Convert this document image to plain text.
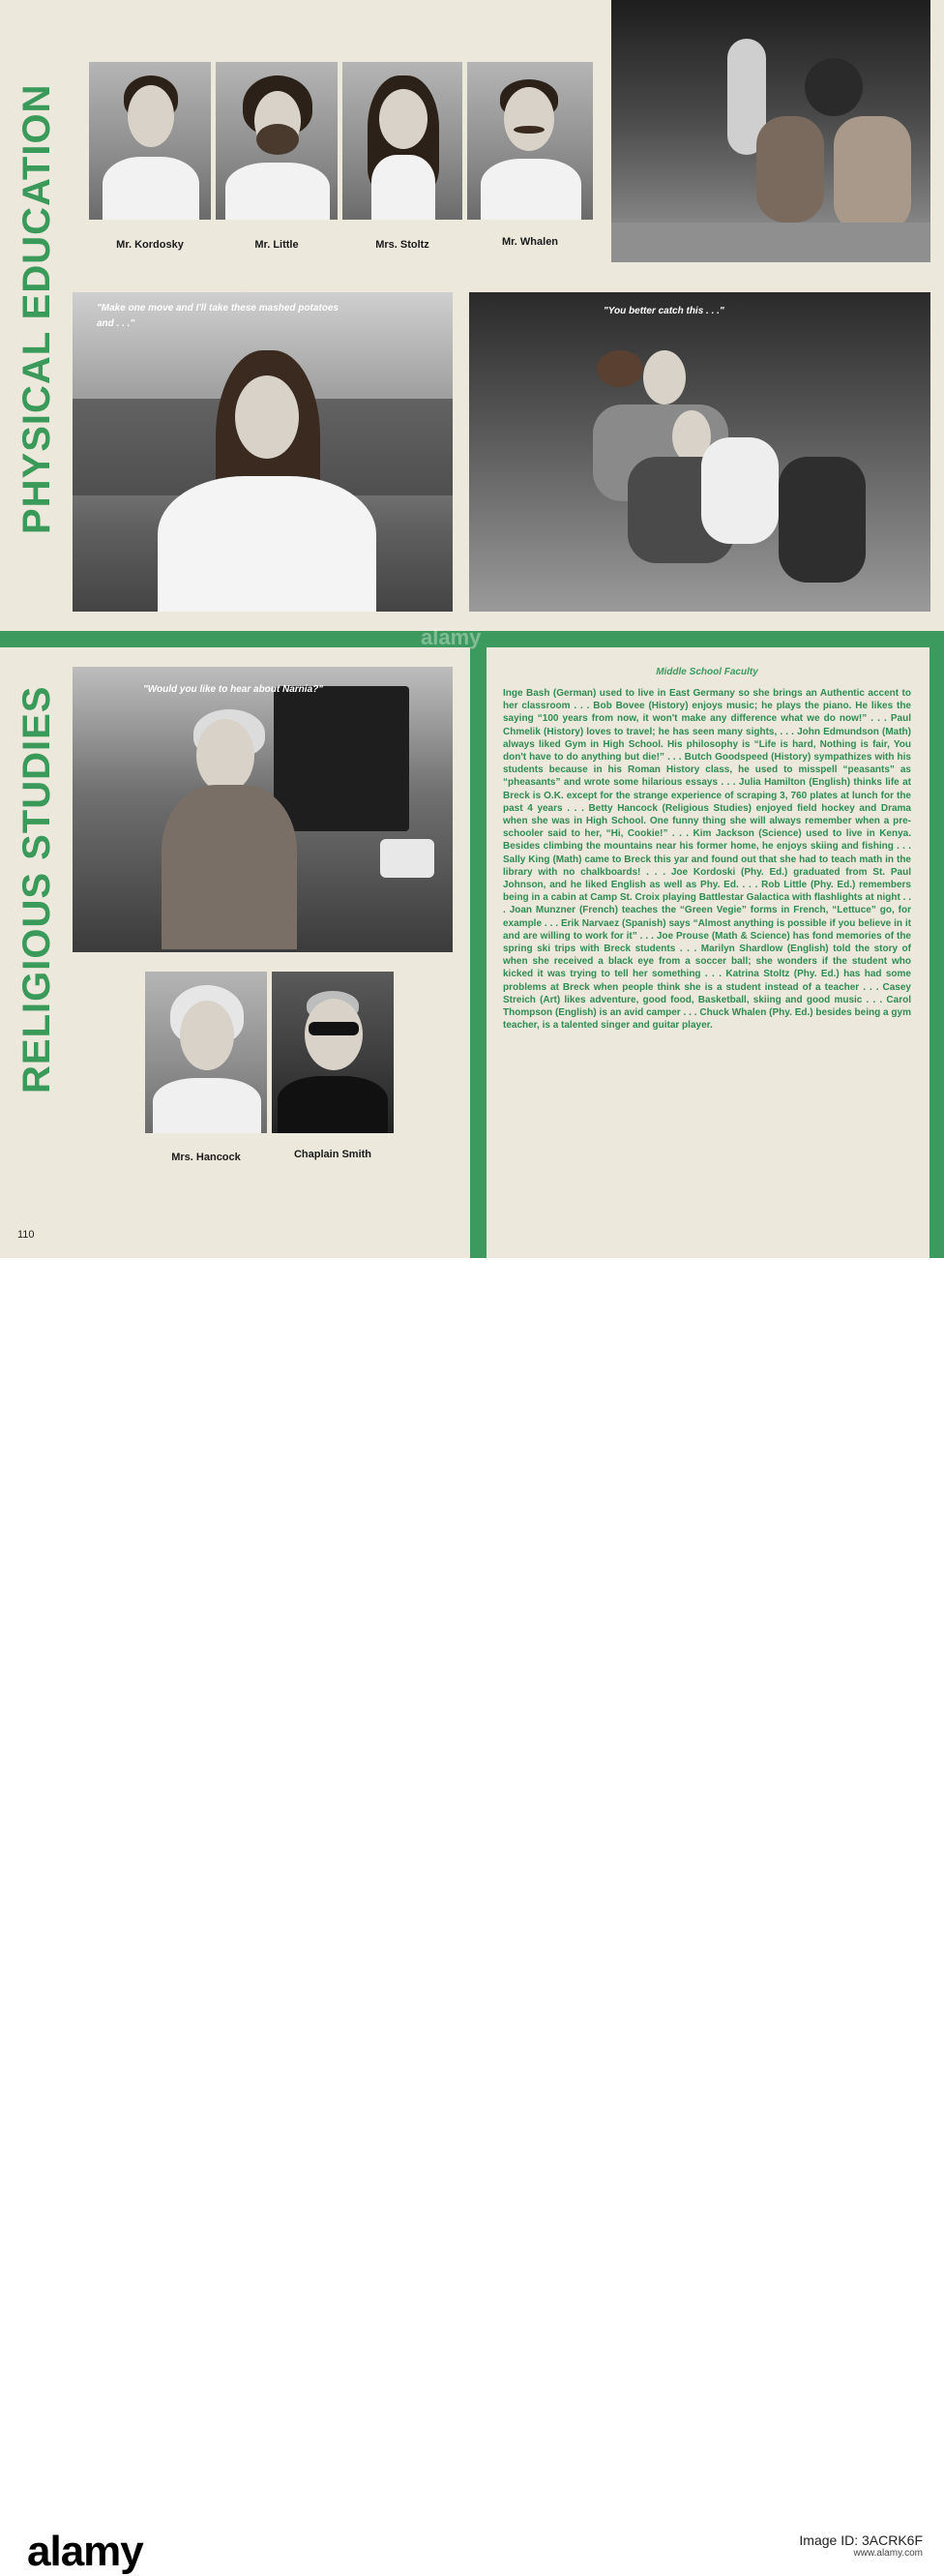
PHYSICAL EDUCATION
RELIGIOUS STUDIES
Mr. Kordosky	Mr. Little	Mrs. Stoltz	Mr. Whalen
"Make one move and I'll take these mashed potatoes
and . . ."
"You better catch this . . ."
alamy
"Would you like to hear about Narnia?"
Mrs. Hancock	Chaplain Smith
Middle School Faculty
Inge Bash (German) used to live in East Germany so she brings an Authentic accent to her classroom . . . Bob Bovee (History) enjoys music; he plays the piano. He likes the saying “100 years from now, it won't make any difference what we do now!” . . . Paul Chmelik (History) loves to travel; he has seen many sights, . . . John Edmundson (Math) always liked Gym in High School. His philosophy is “Life is hard, Nothing is fair, You don't have to do anything but die!” . . . Butch Goodspeed (History) sympathizes with his students because in his Roman History class, he used to misspell “peasants” as “pheasants” and wrote some hilarious essays . . . Julia Hamilton (English) thinks life at Breck is O.K. except for the strange experience of scraping 3, 760 plates at lunch for the past 4 years . . . Betty Hancock (Religious Studies) enjoyed field hockey and Drama when she was in High School. One funny thing she will always remember when a pre-schooler said to her, “Hi, Cookie!” . . . Kim Jackson (Science) used to live in Kenya. Besides climbing the mountains near his former home, he enjoys skiing and fishing . . . Sally King (Math) came to Breck this yar and found out that she had to teach math in the library with no chalkboards! . . . Joe Kordoski (Phy. Ed.) graduated from St. Paul Johnson, and he liked English as well as Phy. Ed. . . . Rob Little (Phy. Ed.) remembers being in a cabin at Camp St. Croix playing Battlestar Galactica with flashlights at night . . . Joan Munzner (French) teaches the “Green Vegie” forms in French, “Lettuce” go, for example . . . Erik Narvaez (Spanish) says “Almost anything is possible if you believe in it and are willing to work for it” . . . Joe Prouse (Math & Science) has fond memories of the spring ski trips with Breck students . . . Marilyn Shardlow (English) told the story of when she received a black eye from a soccer ball; she wonders if the student who kicked it was trying to tell her something . . . Katrina Stoltz (Phy. Ed.) has had some problems at Breck when people think she is a student instead of a teacher . . . Casey Streich (Art) likes adventure, good food, Basketball, skiing and good music . . . Carol Thompson (English) is an avid camper . . . Chuck Whalen (Phy. Ed.) besides being a gym teacher, is a talented singer and guitar player.
110
alamy	Image ID: 3ACRK6F
www.alamy.com
